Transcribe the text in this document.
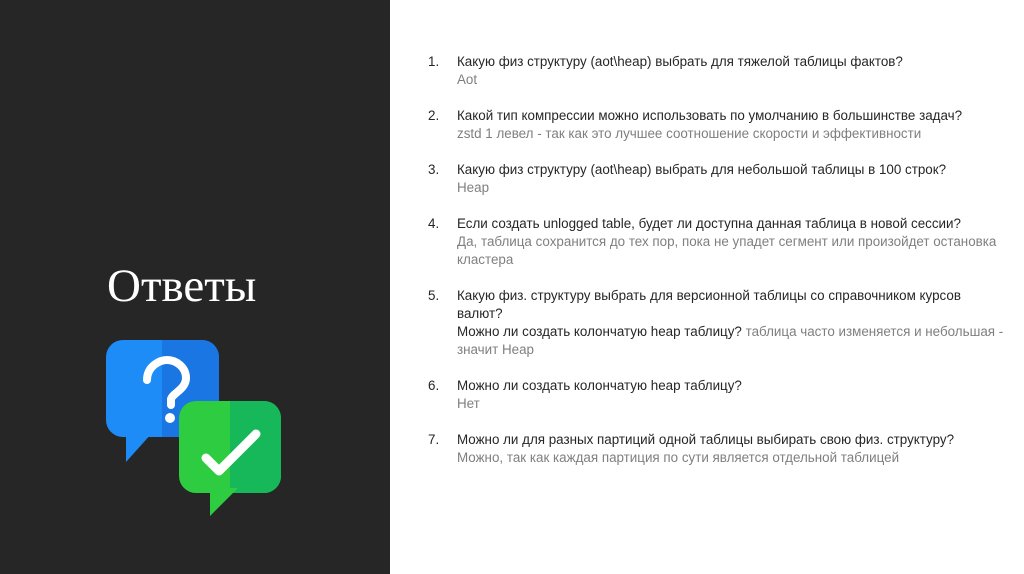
Ответы
1. Какую физ структуру (aot\heap) выбрать для тяжелой таблицы фактов?
Aot
2. Какой тип компрессии можно использовать по умолчанию в большинстве задач?
zstd 1 левел - так как это лучшее соотношение скорости и эффективности
3. Какую физ структуру (aot\heap) выбрать для небольшой таблицы в 100 строк?
Heap
4. Если создать unlogged table, будет ли доступна данная таблица в новой сессии?
Да, таблица сохранится до тех пор, пока не упадет сегмент или произойдет остановка кластера
5. Какую физ. структуру выбрать для версионной таблицы со справочником курсов валют?
Можно ли создать колончатую heap таблицу? таблица часто изменяется и небольшая - значит Heap
6. Можно ли создать колончатую heap таблицу?
Нет
7. Можно ли для разных партиций одной таблицы выбирать свою физ. структуру?
Можно, так как каждая партиция по сути является отдельной таблицей
